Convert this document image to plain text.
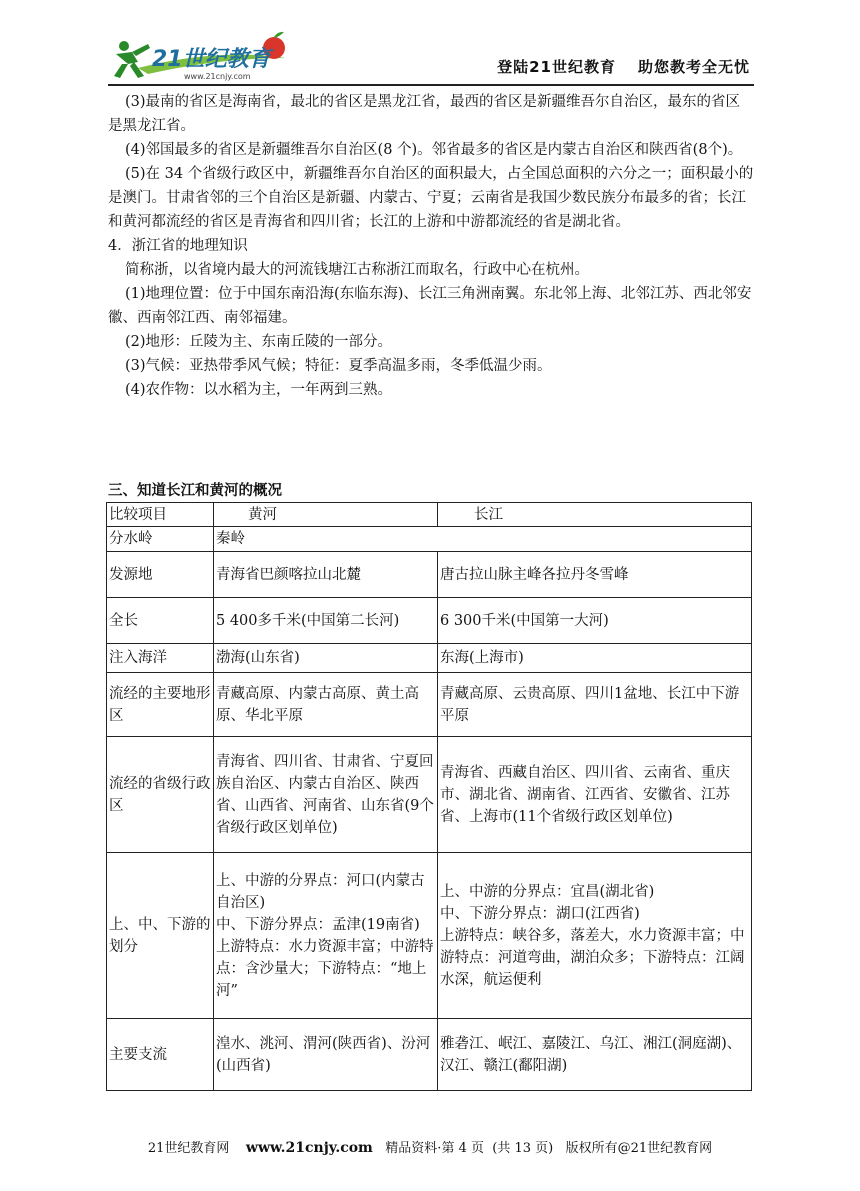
21世纪教育
www.21cnjy.com
登陆21世纪教育 助您教考全无忧

(3)最南的省区是海南省，最北的省区是黑龙江省，最西的省区是新疆维吾尔自治区，最东的省区是黑龙江省。

(4)邻国最多的省区是新疆维吾尔自治区(8 个)。邻省最多的省区是内蒙古自治区和陕西省(8个)。

(5)在 34 个省级行政区中，新疆维吾尔自治区的面积最大，占全国总面积的六分之一；面积最小的是澳门。甘肃省邻的三个自治区是新疆、内蒙古、宁夏；云南省是我国少数民族分布最多的省；长江和黄河都流经的省区是青海省和四川省；长江的上游和中游都流经的省是湖北省。

4．浙江省的地理知识

简称浙，以省境内最大的河流钱塘江古称浙江而取名，行政中心在杭州。

(1)地理位置：位于中国东南沿海(东临东海)、长江三角洲南翼。东北邻上海、北邻江苏、西北邻安徽、西南邻江西、南邻福建。

(2)地形：丘陵为主、东南丘陵的一部分。

(3)气候：亚热带季风气候；特征：夏季高温多雨，冬季低温少雨。

(4)农作物：以水稻为主，一年两到三熟。

三、知道长江和黄河的概况
比较项目	黄河	长江
分水岭	秦岭	
发源地	青海省巴颜喀拉山北麓	唐古拉山脉主峰各拉丹冬雪峰
全长	5 400多千米(中国第二长河)	6 300千米(中国第一大河)
注入海洋	渤海(山东省)	东海(上海市)
流经的主要地形区	青藏高原、内蒙古高原、黄土高原、华北平原	青藏高原、云贵高原、四川1盆地、长江中下游平原
流经的省级行政区	青海省、四川省、甘肃省、宁夏回族自治区、内蒙古自治区、陕西省、山西省、河南省、山东省(9个省级行政区划单位)	青海省、西藏自治区、四川省、云南省、重庆市、湖北省、湖南省、江西省、安徽省、江苏省、上海市(11个省级行政区划单位)
上、中、下游的划分	上、中游的分界点：河口(内蒙古自治区)
中、下游分界点：孟津(19南省)
上游特点：水力资源丰富；中游特点：含沙量大；下游特点：“地上河”	上、中游的分界点：宜昌(湖北省)
中、下游分界点：湖口(江西省)
上游特点：峡谷多，落差大，水力资源丰富；中游特点：河道弯曲，湖泊众多；下游特点：江阔水深，航运便利
主要支流	湟水、洮河、渭河(陕西省)、汾河(山西省)	雅砻江、岷江、嘉陵江、乌江、湘江(洞庭湖)、汉江、赣江(鄱阳湖)
21世纪教育网 www.21cnjy.com 精品资料·第 4 页 (共 13 页) 版权所有@21世纪教育网
